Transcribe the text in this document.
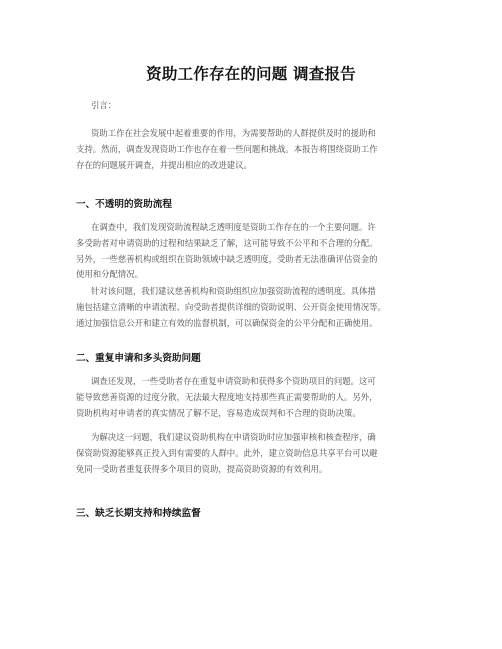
资助工作存在的问题 调查报告
引言：
资助工作在社会发展中起着重要的作用，为需要帮助的人群提供及时的援助和
支持。然而，调查发现资助工作也存在着一些问题和挑战。本报告将围绕资助工作
存在的问题展开调查，并提出相应的改进建议。
一、不透明的资助流程
在调查中，我们发现资助流程缺乏透明度是资助工作存在的一个主要问题。许
多受助者对申请资助的过程和结果缺乏了解，这可能导致不公平和不合理的分配。
另外，一些慈善机构或组织在资助领域中缺乏透明度，受助者无法准确评估资金的
使用和分配情况。
针对该问题，我们建议慈善机构和资助组织应加强资助流程的透明度。具体措
施包括建立清晰的申请流程、向受助者提供详细的资助说明、公开资金使用情况等。
通过加强信息公开和建立有效的监督机制，可以确保资金的公平分配和正确使用。
二、重复申请和多头资助问题
调查还发现，一些受助者存在重复申请资助和获得多个资助项目的问题。这可
能导致慈善资源的过度分散，无法最大程度地支持那些真正需要帮助的人。另外，
资助机构对申请者的真实情况了解不足，容易造成误判和不合理的资助决策。
为解决这一问题，我们建议资助机构在申请资助时应加强审核和核查程序，确
保资助资源能够真正投入到有需要的人群中。此外，建立资助信息共享平台可以避
免同一受助者重复获得多个项目的资助，提高资助资源的有效利用。
三、缺乏长期支持和持续监督
